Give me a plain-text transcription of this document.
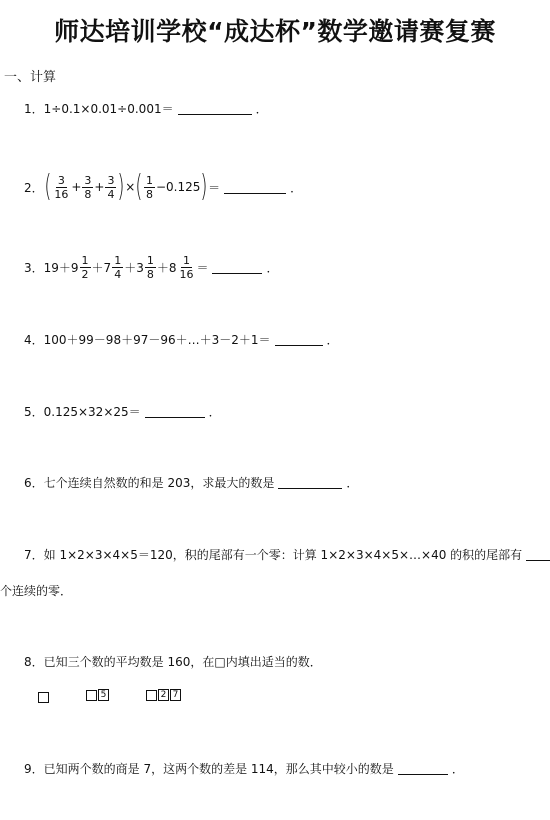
师达培训学校“成达杯”数学邀请赛复赛
一、计算
1．1÷0.1×0.01÷0.001＝	．
2． ( $\frac{3}{16} + \frac{3}{8} + \frac{3}{4}$ ) × ( $\frac{1}{8} -0.125$ ) ＝	．
3．$19+9 \frac{1}{2} +7 \frac{1}{4} +3 \frac{1}{8} +8 \frac{1}{16}$ ＝	．
4．100＋99－98＋97－96＋…＋3－2＋1＝	．
5．0.125×32×25＝	．
6．七个连续自然数的和是 203，求最大的数是	．
7．如 1×2×3×4×5＝120，积的尾部有一个零：计算 1×2×3×4×5×…×40 的积的尾部有
个连续的零．
8．已知三个数的平均数是 160，在□内填出适当的数．
5	2 7
9．已知两个数的商是 7，这两个数的差是 114，那么其中较小的数是	．
